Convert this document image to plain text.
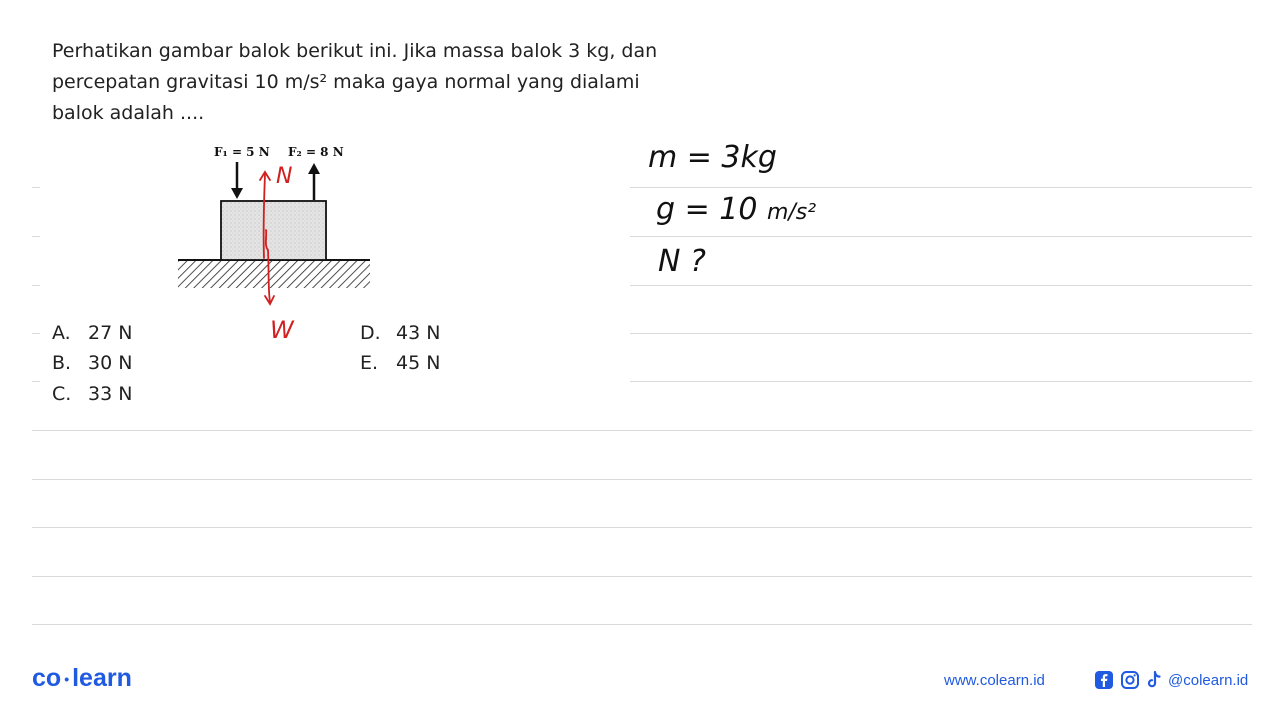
Perhatikan gambar balok berikut ini. Jika massa balok 3 kg, dan
percepatan gravitasi 10 m/s² maka gaya normal yang dialami
balok adalah ....
F₁ = 5 N F₂ = 8 N
N
W
A. 27 N
B. 30 N
C. 33 N
D. 43 N
E. 45 N
m = 3kg
g = 10 m/s²
N ?
co • learn	www.colearn.id	@colearn.id
